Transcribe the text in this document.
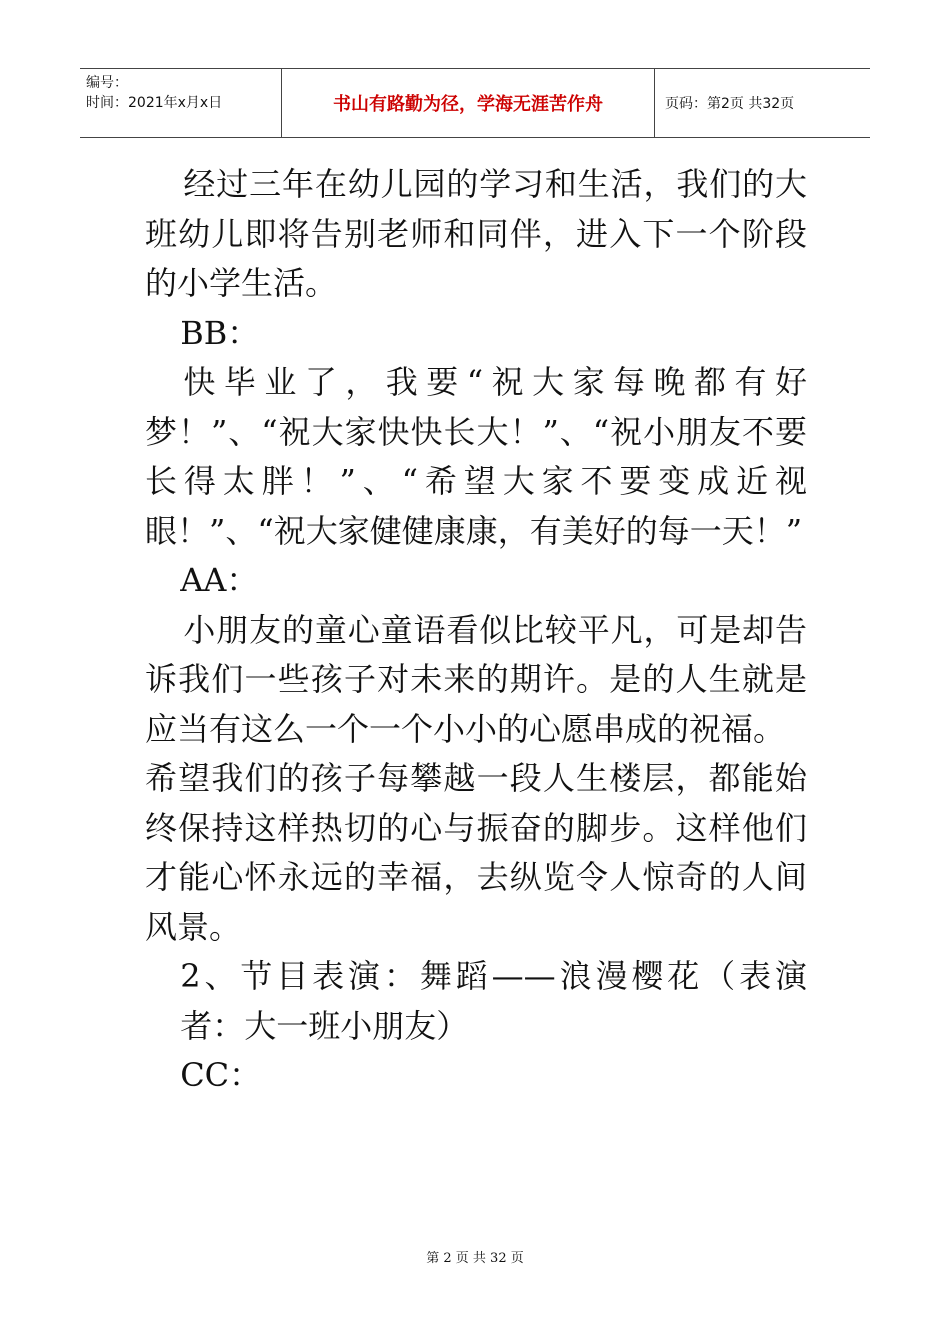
编号：
时间：2021年x月x日	书山有路勤为径，学海无涯苦作舟	页码：第2页 共32页

经过三年在幼儿园的学习和生活，我们的大班幼儿即将告别老师和同伴，进入下一个阶段的小学生活。

BB：

快毕业了，我要“祝大家每晚都有好梦！”、“祝大家快快长大！”、“祝小朋友不要长得太胖！”、“希望大家不要变成近视眼！”、“祝大家健健康康，有美好的每一天！”

AA：

小朋友的童心童语看似比较平凡，可是却告诉我们一些孩子对未来的期许。是的人生就是应当有这么一个一个小小的心愿串成的祝福。

希望我们的孩子每攀越一段人生楼层，都能始终保持这样热切的心与振奋的脚步。这样他们才能心怀永远的幸福，去纵览令人惊奇的人间风景。

2、节目表演：舞蹈——浪漫樱花（表演者：大一班小朋友）

CC：

第 2 页 共 32 页
